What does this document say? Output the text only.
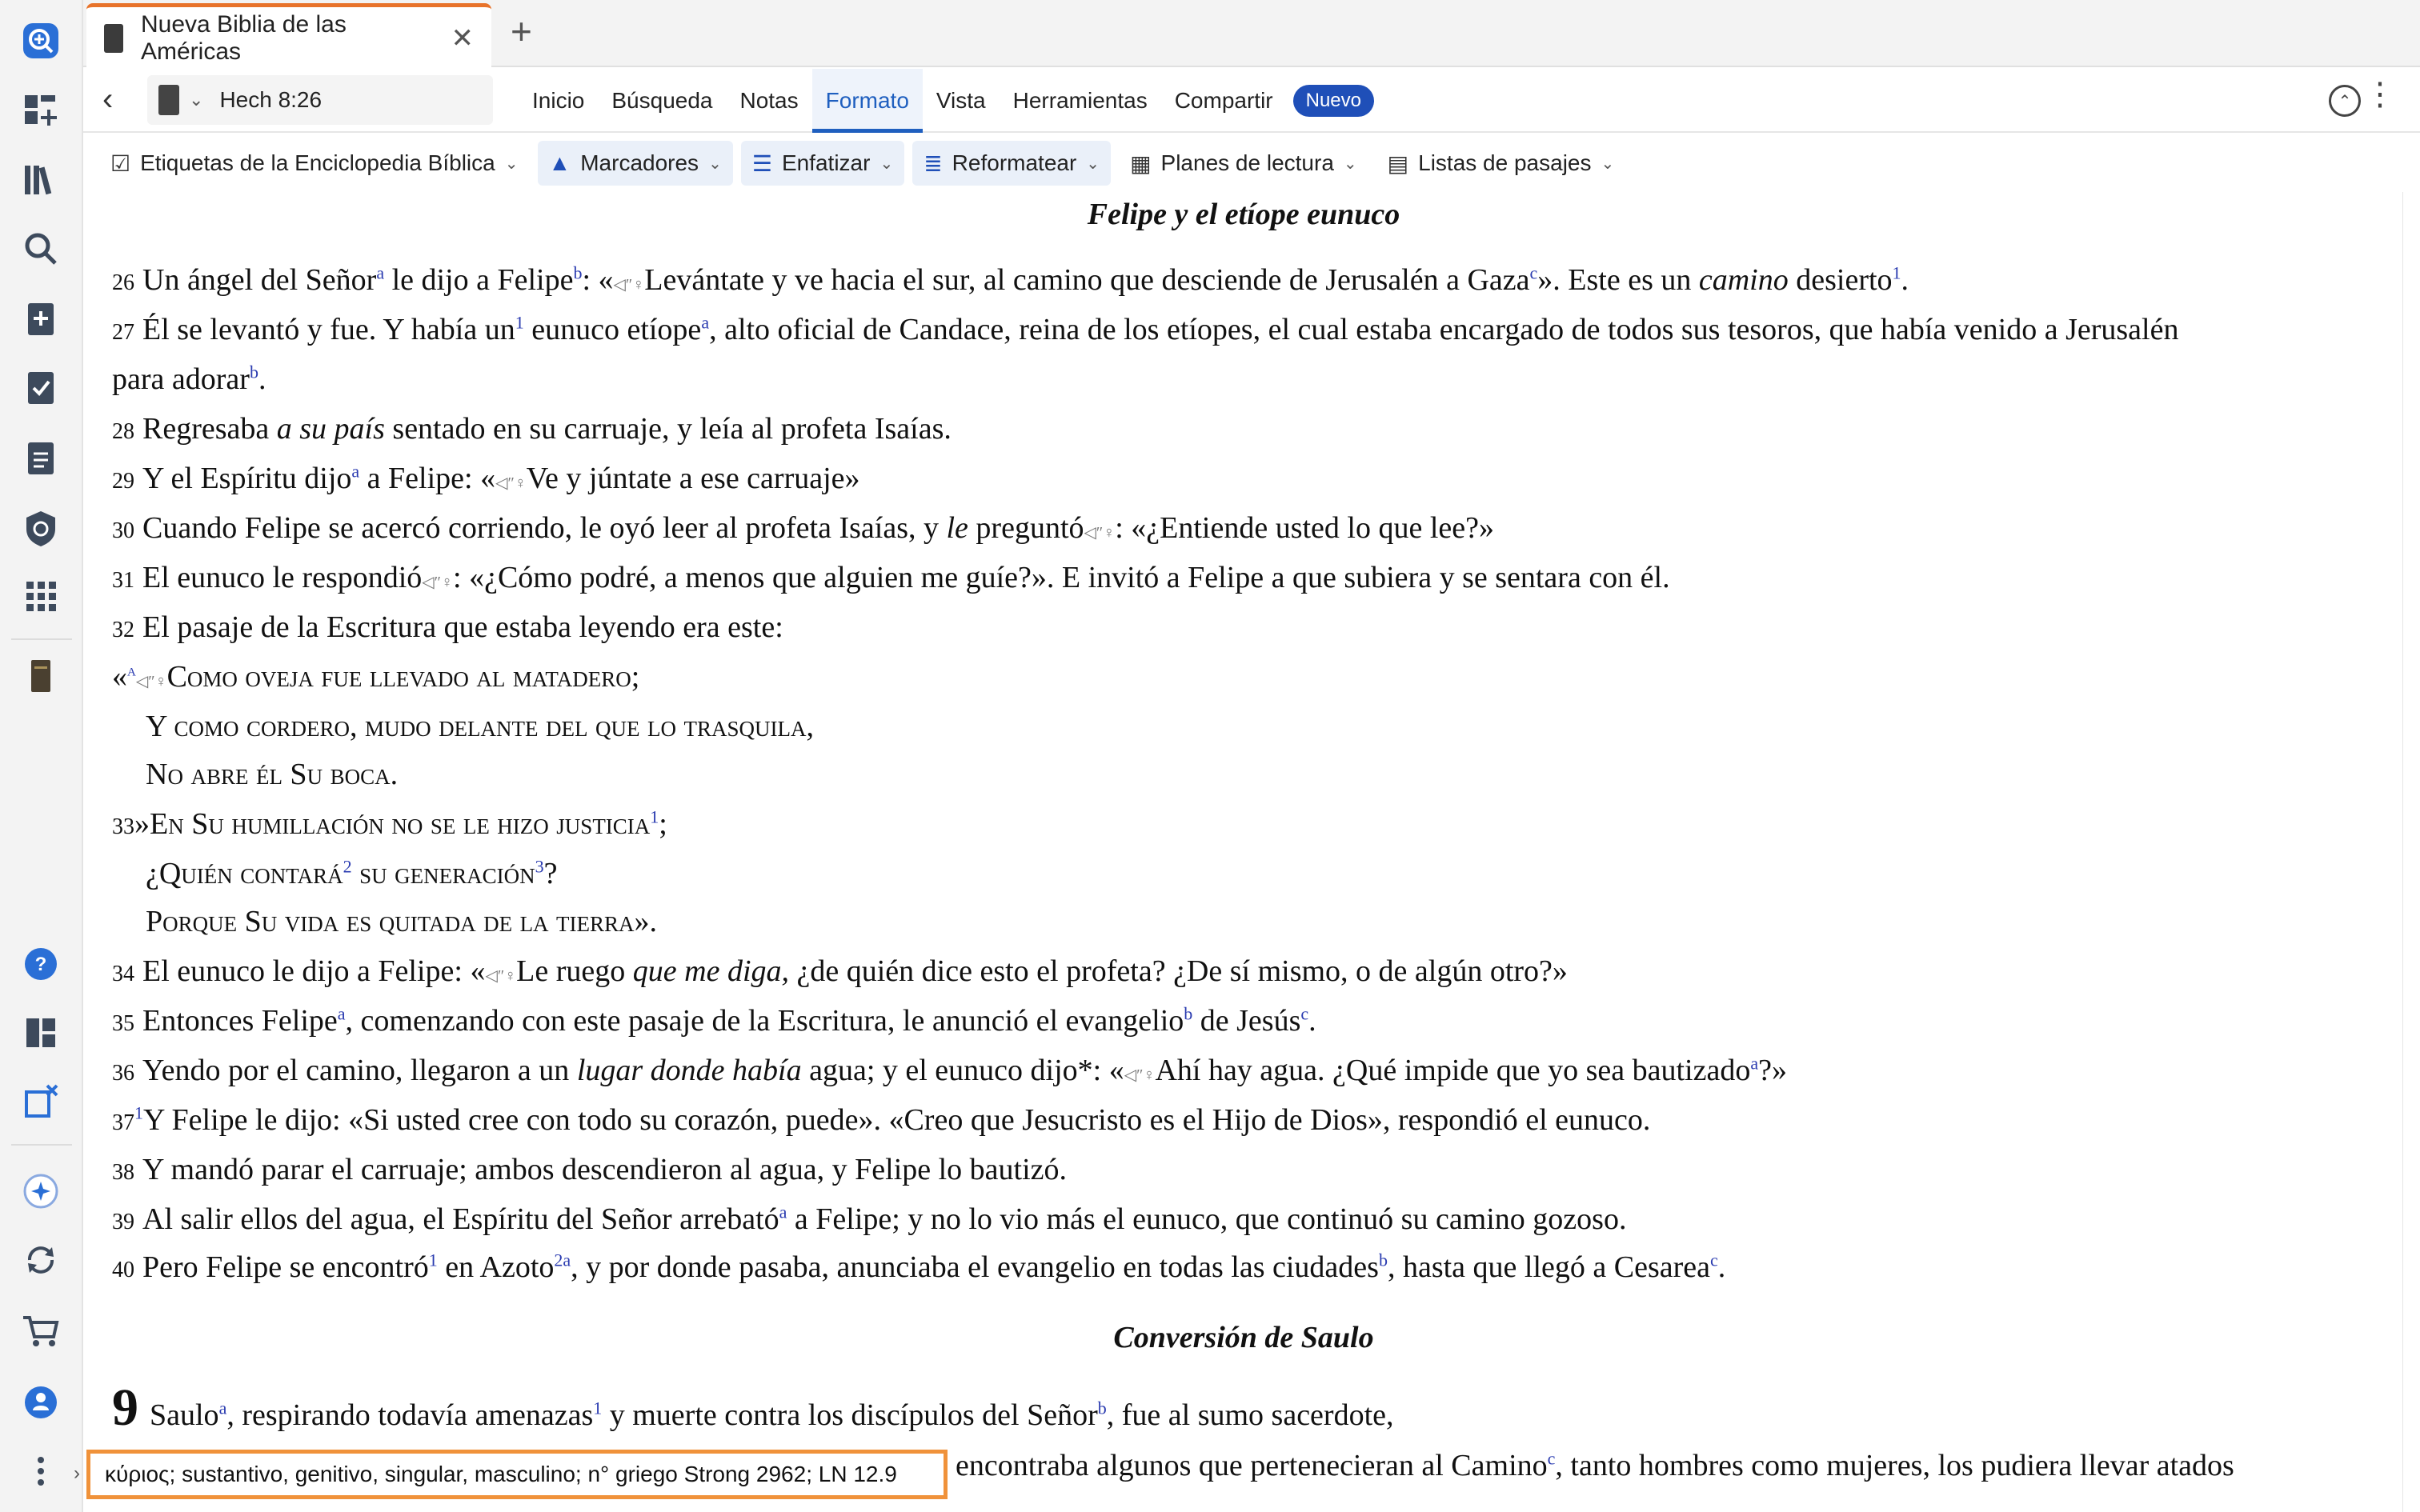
?
Nueva Biblia de las Américas	✕ +
‹	⌄ Hech 8:26	Inicio	Búsqueda	Notas	Formato	Vista	Herramientas	Compartir	Nuevo	⌃ ⋮
☑ Etiquetas de la Enciclopedia Bíblica ⌄ ▲ Marcadores ⌄ ☰ Enfatizar ⌄ ≣ Reformatear ⌄ ▦ Planes de lectura ⌄ ▤ Listas de pasajes ⌄
Felipe y el etíope eunuco
26 Un ángel del Señor$^a$ le dijo a Felipe$^b$: «◁″♀Levántate y ve hacia el sur, al camino que desciende de Jerusalén a Gaza$^c$». Este es un camino desierto$^1$.
27 Él se levantó y fue. Y había $un^1$ eunuco etíope$^a$, alto oficial de Candace, reina de los etíopes, el cual estaba encargado de todos sus tesoros, que había venido a Jerusalén
para adorar$^b$.
28 Regresaba a su país sentado en su carruaje, y leía al profeta Isaías.
29 Y el Espíritu dijo$^a$ a Felipe: «◁″♀Ve y júntate a ese carruaje»
30 Cuando Felipe se acercó corriendo, le oyó leer al profeta Isaías, y le preguntó◁″♀: «¿Entiende usted lo que lee?»
31 El eunuco le respondió◁″♀: «¿Cómo podré, a menos que alguien me guíe?». E invitó a Felipe a que subiera y se sentara con él.
32 El pasaje de la Escritura que estaba leyendo era este:
«$^a$◁″♀Como oveja fue llevado al matadero;
Y como cordero, mudo delante del que lo trasquila,
No abre él Su boca.
33»En Su humillación no se le hizo justicia$^1$;
¿Quién contará$^2$ su generación$^3$?
Porque Su vida es quitada de la tierra».
34 El eunuco le dijo a Felipe: «◁″♀Le ruego que me diga, ¿de quién dice esto el profeta? ¿De sí mismo, o de algún otro?»
35 Entonces Felipe$^a$, comenzando con este pasaje de la Escritura, le anunció el evangelio$^b$ de Jesús$^c$.
36 Yendo por el camino, llegaron a un lugar donde había agua; y el eunuco dijo*: «◁″♀Ahí hay agua. ¿Qué impide que yo sea bautizado$^a$?»
$37^1Y$ Felipe le dijo: «Si usted cree con todo su corazón, puede». «Creo que Jesucristo es el Hijo de Dios», respondió el eunuco.
38 Y mandó parar el carruaje; ambos descendieron al agua, y Felipe lo bautizó.
39 Al salir ellos del agua, el Espíritu del Señor arrebató$^a$ a Felipe; y no lo vio más el eunuco, que continuó su camino gozoso.
40 Pero Felipe se encontró$^1$ en Azoto$^{2a}$, y por donde pasaba, anunciaba el evangelio en todas las ciudades$^b$, hasta que llegó a Cesarea$^c$.
Conversión de Saulo
9 Saulo$^a$, respirando todavía amenazas$^1$ y muerte contra los discípulos del Señor$^b$, fue al sumo sacerdote,
encontraba algunos que pertenecieran al Camino$^c$, tanto hombres como mujeres, los pudiera llevar atados
›	κύριος; sustantivo, genitivo, singular, masculino; n° griego Strong 2962; LN 12.9
